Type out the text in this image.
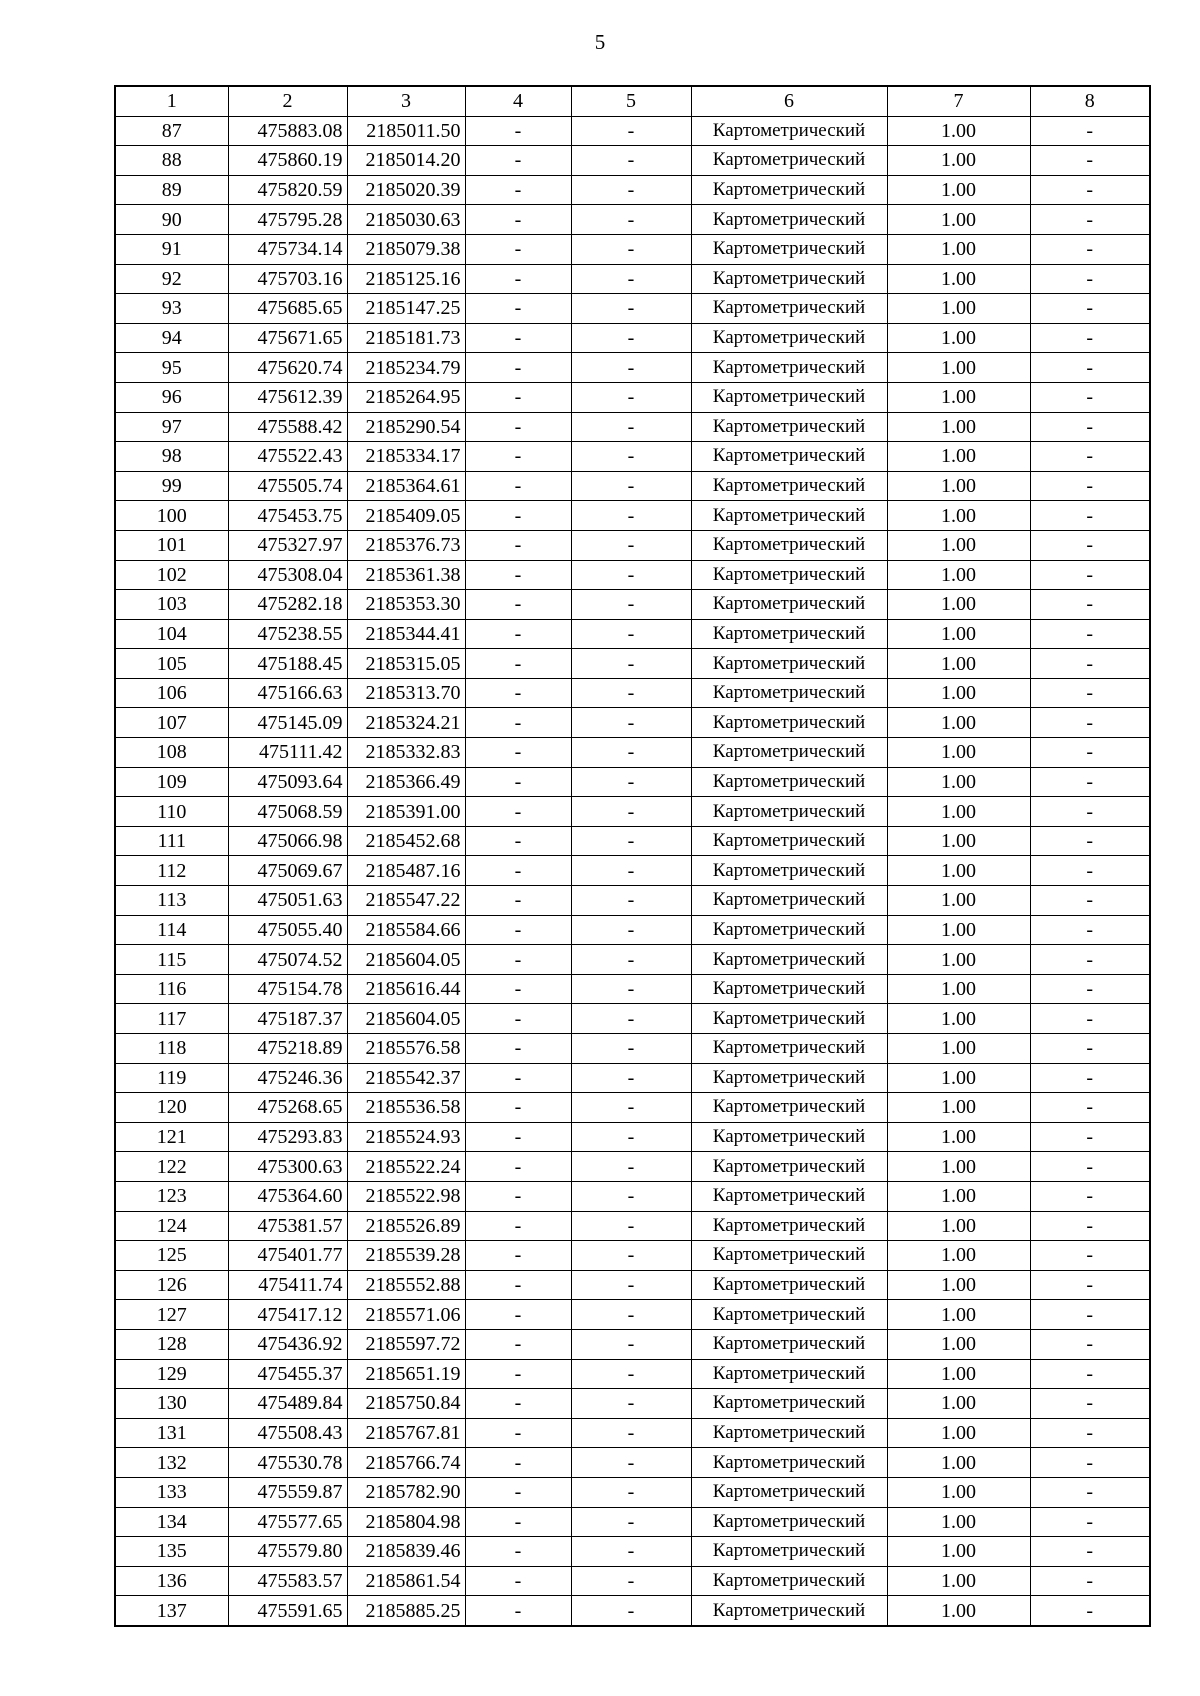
5
1	2	3	4	5	6	7	8
87	475883.08	2185011.50	-	-	Картометрический	1.00	-
88	475860.19	2185014.20	-	-	Картометрический	1.00	-
89	475820.59	2185020.39	-	-	Картометрический	1.00	-
90	475795.28	2185030.63	-	-	Картометрический	1.00	-
91	475734.14	2185079.38	-	-	Картометрический	1.00	-
92	475703.16	2185125.16	-	-	Картометрический	1.00	-
93	475685.65	2185147.25	-	-	Картометрический	1.00	-
94	475671.65	2185181.73	-	-	Картометрический	1.00	-
95	475620.74	2185234.79	-	-	Картометрический	1.00	-
96	475612.39	2185264.95	-	-	Картометрический	1.00	-
97	475588.42	2185290.54	-	-	Картометрический	1.00	-
98	475522.43	2185334.17	-	-	Картометрический	1.00	-
99	475505.74	2185364.61	-	-	Картометрический	1.00	-
100	475453.75	2185409.05	-	-	Картометрический	1.00	-
101	475327.97	2185376.73	-	-	Картометрический	1.00	-
102	475308.04	2185361.38	-	-	Картометрический	1.00	-
103	475282.18	2185353.30	-	-	Картометрический	1.00	-
104	475238.55	2185344.41	-	-	Картометрический	1.00	-
105	475188.45	2185315.05	-	-	Картометрический	1.00	-
106	475166.63	2185313.70	-	-	Картометрический	1.00	-
107	475145.09	2185324.21	-	-	Картометрический	1.00	-
108	475111.42	2185332.83	-	-	Картометрический	1.00	-
109	475093.64	2185366.49	-	-	Картометрический	1.00	-
110	475068.59	2185391.00	-	-	Картометрический	1.00	-
111	475066.98	2185452.68	-	-	Картометрический	1.00	-
112	475069.67	2185487.16	-	-	Картометрический	1.00	-
113	475051.63	2185547.22	-	-	Картометрический	1.00	-
114	475055.40	2185584.66	-	-	Картометрический	1.00	-
115	475074.52	2185604.05	-	-	Картометрический	1.00	-
116	475154.78	2185616.44	-	-	Картометрический	1.00	-
117	475187.37	2185604.05	-	-	Картометрический	1.00	-
118	475218.89	2185576.58	-	-	Картометрический	1.00	-
119	475246.36	2185542.37	-	-	Картометрический	1.00	-
120	475268.65	2185536.58	-	-	Картометрический	1.00	-
121	475293.83	2185524.93	-	-	Картометрический	1.00	-
122	475300.63	2185522.24	-	-	Картометрический	1.00	-
123	475364.60	2185522.98	-	-	Картометрический	1.00	-
124	475381.57	2185526.89	-	-	Картометрический	1.00	-
125	475401.77	2185539.28	-	-	Картометрический	1.00	-
126	475411.74	2185552.88	-	-	Картометрический	1.00	-
127	475417.12	2185571.06	-	-	Картометрический	1.00	-
128	475436.92	2185597.72	-	-	Картометрический	1.00	-
129	475455.37	2185651.19	-	-	Картометрический	1.00	-
130	475489.84	2185750.84	-	-	Картометрический	1.00	-
131	475508.43	2185767.81	-	-	Картометрический	1.00	-
132	475530.78	2185766.74	-	-	Картометрический	1.00	-
133	475559.87	2185782.90	-	-	Картометрический	1.00	-
134	475577.65	2185804.98	-	-	Картометрический	1.00	-
135	475579.80	2185839.46	-	-	Картометрический	1.00	-
136	475583.57	2185861.54	-	-	Картометрический	1.00	-
137	475591.65	2185885.25	-	-	Картометрический	1.00	-
